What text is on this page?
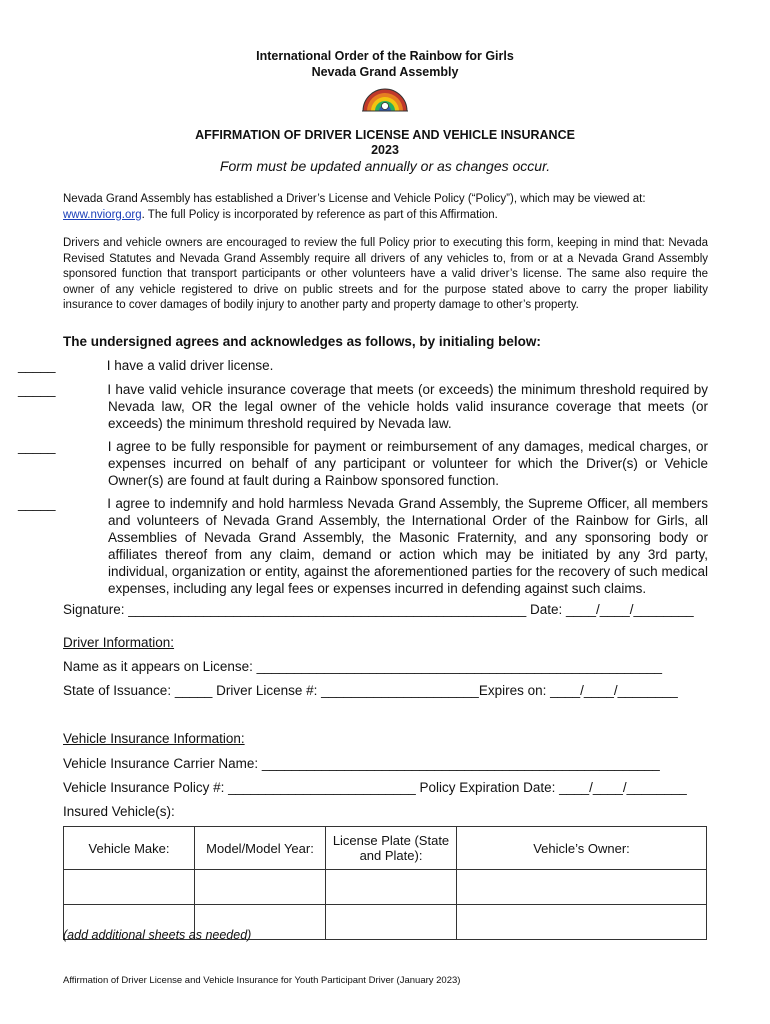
International Order of the Rainbow for Girls
Nevada Grand Assembly
AFFIRMATION OF DRIVER LICENSE AND VEHICLE INSURANCE
2023
Form must be updated annually or as changes occur.
Nevada Grand Assembly has established a Driver’s License and Vehicle Policy (“Policy”), which may be viewed at: www.nviorg.org. The full Policy is incorporated by reference as part of this Affirmation.
Drivers and vehicle owners are encouraged to review the full Policy prior to executing this form, keeping in mind that: Nevada Revised Statutes and Nevada Grand Assembly require all drivers of any vehicles to, from or at a Nevada Grand Assembly sponsored function that transport participants or other volunteers have a valid driver’s license. The same also require the owner of any vehicle registered to drive on public streets and for the purpose stated above to carry the proper liability insurance to cover damages of bodily injury to another party and property damage to other’s property.
The undersigned agrees and acknowledges as follows, by initialing below:
_____	I have a valid driver license.
_____	I have valid vehicle insurance coverage that meets (or exceeds) the minimum threshold required by Nevada law, OR the legal owner of the vehicle holds valid insurance coverage that meets (or exceeds) the minimum threshold required by Nevada law.
_____	I agree to be fully responsible for payment or reimbursement of any damages, medical charges, or expenses incurred on behalf of any participant or volunteer for which the Driver(s) or Vehicle Owner(s) are found at fault during a Rainbow sponsored function.
_____	I agree to indemnify and hold harmless Nevada Grand Assembly, the Supreme Officer, all members and volunteers of Nevada Grand Assembly, the International Order of the Rainbow for Girls, all Assemblies of Nevada Grand Assembly, the Masonic Fraternity, and any sponsoring body or affiliates thereof from any claim, demand or action which may be initiated by any 3rd party, individual, organization or entity, against the aforementioned parties for the recovery of such medical expenses, including any legal fees or expenses incurred in defending against such claims.
Signature: _____________________________________________________ Date: ____/____/________
Driver Information:
Name as it appears on License: ______________________________________________________
State of Issuance: _____ Driver License #: _____________________Expires on: ____/____/________
Vehicle Insurance Information:
Vehicle Insurance Carrier Name: _____________________________________________________
Vehicle Insurance Policy #: _________________________ Policy Expiration Date: ____/____/________
Insured Vehicle(s):
Vehicle Make:	Model/Model Year:	License Plate (State and Plate):	Vehicle’s Owner:

(add additional sheets as needed)
Affirmation of Driver License and Vehicle Insurance for Youth Participant Driver (January 2023)
